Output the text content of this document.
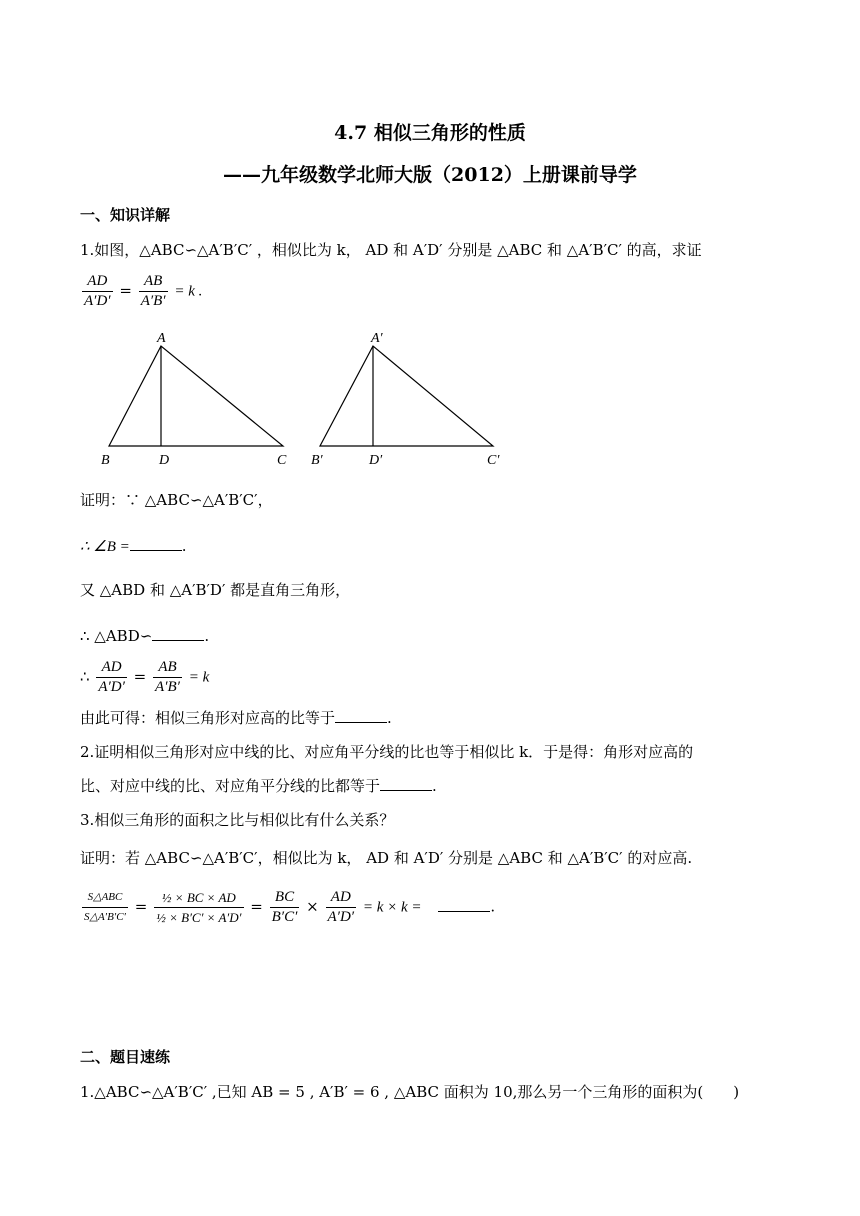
4.7 相似三角形的性质
——九年级数学北师大版（2012）上册课前导学
一、知识详解
1.如图，△ABC∽△A′B′C′ ，相似比为 k， AD 和 A′D′ 分别是 △ABC 和 △A′B′C′ 的高，求证
$\frac{AD}{A'D'} = \frac{AB}{A'B'} = k$ .
A
B	D	C
A′
B′	D′	C′
证明：∵ △ABC∽△A′B′C′，
∴ ∠B =	.
又 △ABD 和 △A′B′D′ 都是直角三角形，
∴ △ABD∽	.
∴ $\frac{AD}{A'D'} = \frac{AB}{A'B'} = k$
由此可得：相似三角形对应高的比等于	.
2.证明相似三角形对应中线的比、对应角平分线的比也等于相似比 k．于是得：角形对应高的
比、对应中线的比、对应角平分线的比都等于	.
3.相似三角形的面积之比与相似比有什么关系？
证明：若 △ABC∽△A′B′C′，相似比为 k， AD 和 A′D′ 分别是 △ABC 和 △A′B′C′ 的对应高.
$\frac{\text{S△ABC}}{S\triangle A'B'C'} = \frac{\text{½ × BC × AD}}{\text{½ × B′C′ × A′D′}} = \frac{BC}{B'C'} \times \frac{AD}{A'D'} = k \times k$ =	.
二、题目速练
1.△ABC∽△A′B′C′ ,已知 AB = 5 , A′B′ = 6 , △ABC 面积为 10,那么另一个三角形的面积为(　　)
